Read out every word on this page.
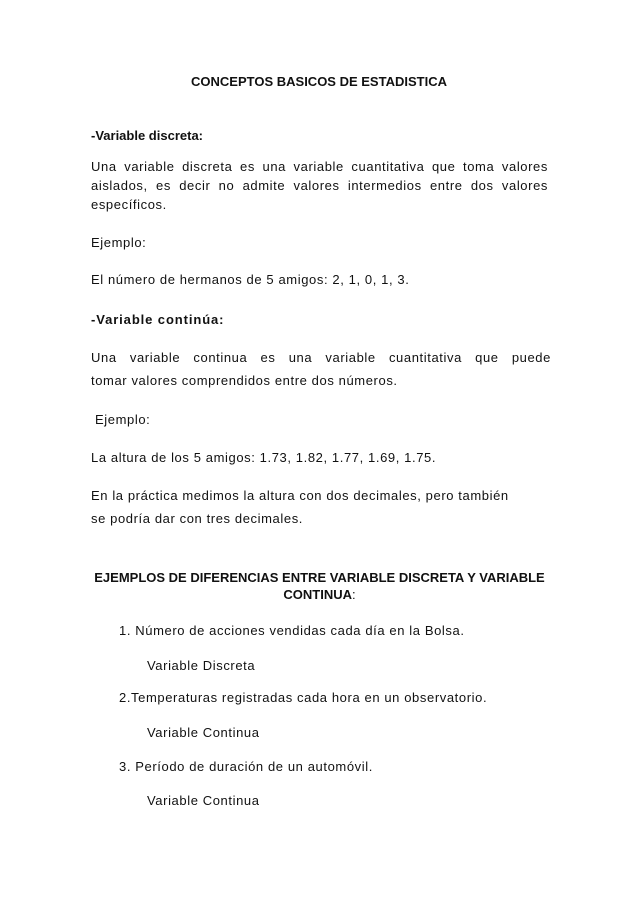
CONCEPTOS BASICOS DE ESTADISTICA
-Variable discreta:
Una variable discreta es una variable cuantitativa que toma valores
aislados, es decir no admite valores intermedios entre dos valores
específicos.
Ejemplo:
El número de hermanos de 5 amigos: 2, 1, 0, 1, 3.
-Variable continúa:
Una variable continua es una variable cuantitativa que puede
tomar valores comprendidos entre dos números.
Ejemplo:
La altura de los 5 amigos: 1.73, 1.82, 1.77, 1.69, 1.75.
En la práctica medimos la altura con dos decimales, pero también
se podría dar con tres decimales.
EJEMPLOS DE DIFERENCIAS ENTRE VARIABLE DISCRETA Y VARIABLE
CONTINUA:
1. Número de acciones vendidas cada día en la Bolsa.
Variable Discreta
2.Temperaturas registradas cada hora en un observatorio.
Variable Continua
3. Período de duración de un automóvil.
Variable Continua
